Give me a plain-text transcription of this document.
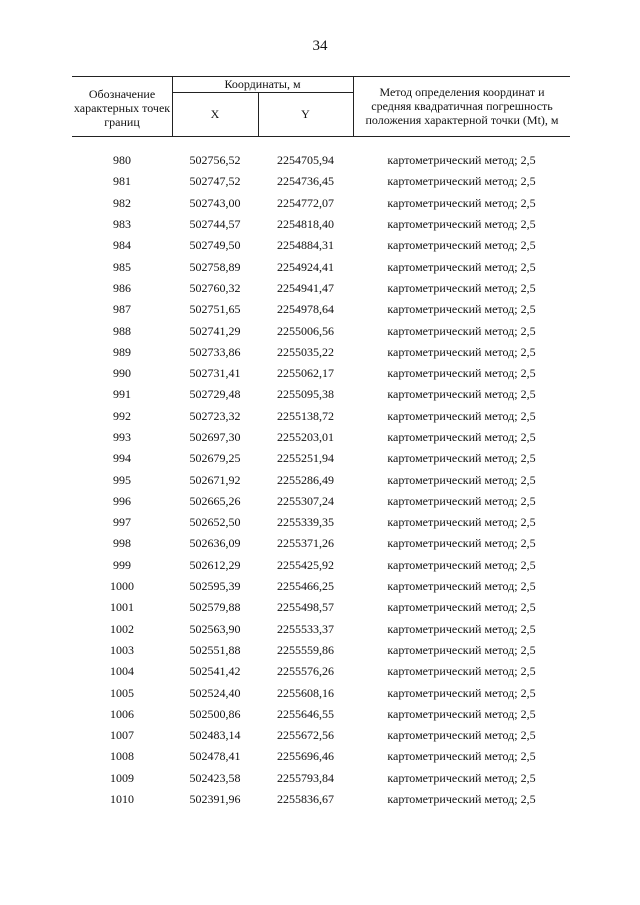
34
Обозначение характерных точек границ
Координаты, м
X	Y
Метод определения координат и средняя квадратичная погрешность положения характерной точки (Mt), м
980	502756,52	2254705,94	картометрический метод; 2,5
981	502747,52	2254736,45	картометрический метод; 2,5
982	502743,00	2254772,07	картометрический метод; 2,5
983	502744,57	2254818,40	картометрический метод; 2,5
984	502749,50	2254884,31	картометрический метод; 2,5
985	502758,89	2254924,41	картометрический метод; 2,5
986	502760,32	2254941,47	картометрический метод; 2,5
987	502751,65	2254978,64	картометрический метод; 2,5
988	502741,29	2255006,56	картометрический метод; 2,5
989	502733,86	2255035,22	картометрический метод; 2,5
990	502731,41	2255062,17	картометрический метод; 2,5
991	502729,48	2255095,38	картометрический метод; 2,5
992	502723,32	2255138,72	картометрический метод; 2,5
993	502697,30	2255203,01	картометрический метод; 2,5
994	502679,25	2255251,94	картометрический метод; 2,5
995	502671,92	2255286,49	картометрический метод; 2,5
996	502665,26	2255307,24	картометрический метод; 2,5
997	502652,50	2255339,35	картометрический метод; 2,5
998	502636,09	2255371,26	картометрический метод; 2,5
999	502612,29	2255425,92	картометрический метод; 2,5
1000	502595,39	2255466,25	картометрический метод; 2,5
1001	502579,88	2255498,57	картометрический метод; 2,5
1002	502563,90	2255533,37	картометрический метод; 2,5
1003	502551,88	2255559,86	картометрический метод; 2,5
1004	502541,42	2255576,26	картометрический метод; 2,5
1005	502524,40	2255608,16	картометрический метод; 2,5
1006	502500,86	2255646,55	картометрический метод; 2,5
1007	502483,14	2255672,56	картометрический метод; 2,5
1008	502478,41	2255696,46	картометрический метод; 2,5
1009	502423,58	2255793,84	картометрический метод; 2,5
1010	502391,96	2255836,67	картометрический метод; 2,5
